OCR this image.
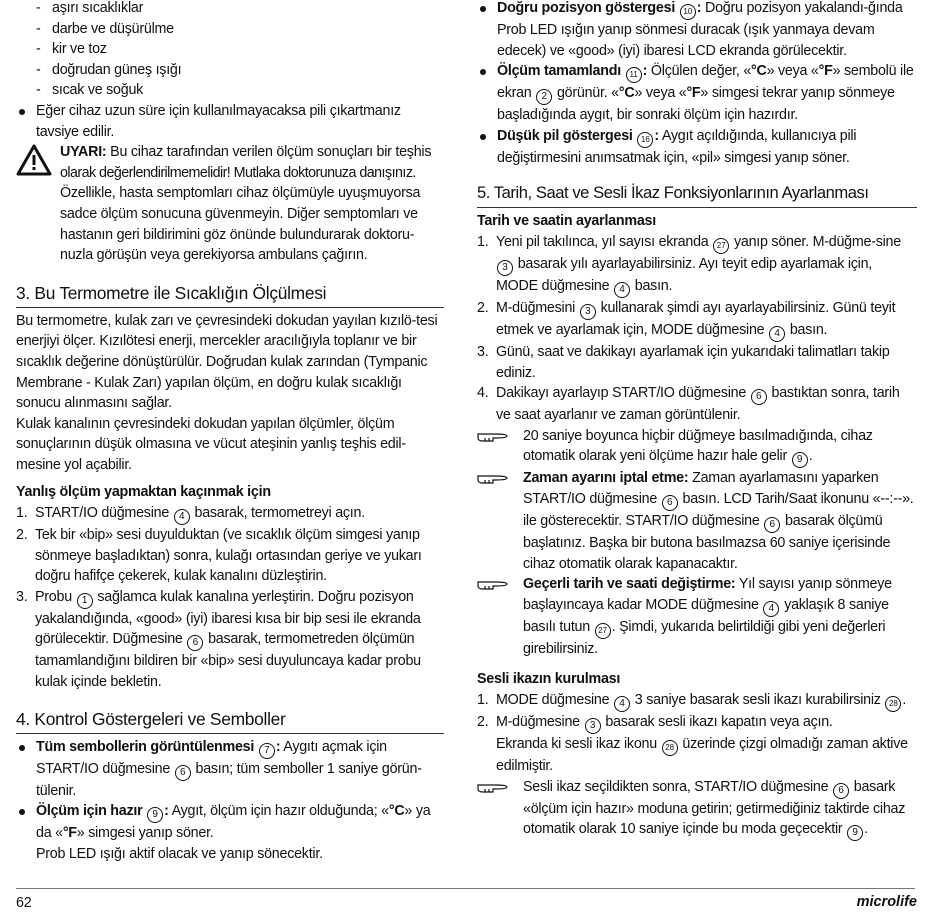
- aşırı sıcaklıklar

- darbe ve düşürülme

- kir ve toz

- doğrudan güneş ışığı

- sıcak ve soğuk

Eğer cihaz uzun süre için kullanılmayacaksa pili çıkartmanız tavsiye edilir.

UYARI: Bu cihaz tarafından verilen ölçüm sonuçları bir teşhis

olarak değerlendirilmemelidir! Mutlaka doktorunuza danışınız.

Özellikle, hasta semptomları cihaz ölçümüyle uyuşmuyorsa

sadce ölçüm sonucuna güvenmeyin. Diğer semptomları ve

hastanın geri bildirimini göz önünde bulundurarak doktoru-

nuzla görüşün veya gerekiyorsa ambulans çağırın.

3. Bu Termometre ile Sıcaklığın Ölçülmesi

Bu termometre, kulak zarı ve çevresindeki dokudan yayılan kızılö-tesi enerjiyi ölçer. Kızılötesi enerji, mercekler aracılığıyla toplanır ve bir sıcaklık değerine dönüştürülür. Doğrudan kulak zarından (Tympanic Membrane - Kulak Zarı) yapılan ölçüm, en doğru kulak sıcaklığı sonucu alınmasını sağlar.

Kulak kanalının çevresindeki dokudan yapılan ölçümler, ölçüm sonuçlarının düşük olmasına ve vücut ateşinin yanlış teşhis edil-mesine yol açabilir.

Yanlış ölçüm yapmaktan kaçınmak için

1. START/IO düğmesine 4 basarak, termometreyi açın.

2. Tek bir «bip» sesi duyulduktan (ve sıcaklık ölçüm simgesi yanıp sönmeye başladıktan) sonra, kulağı ortasından geriye ve yukarı doğru hafifçe çekerek, kulak kanalını düzleştirin.

3. Probu 1 sağlamca kulak kanalına yerleştirin. Doğru pozisyon yakalandığında, «good» (iyi) ibaresi kısa bir bip sesi ile ekranda görülecektir. Düğmesine 6 basarak, termometreden ölçümün tamamlandığını bildiren bir «bip» sesi duyuluncaya kadar probu kulak içinde bekletin.

4. Kontrol Göstergeleri ve Semboller

Tüm sembollerin görüntülenmesi 7 : Aygıtı açmak için START/IO düğmesine 6 basın; tüm semboller 1 saniye görün-tülenir.

Ölçüm için hazır 9 : Aygıt, ölçüm için hazır olduğunda; «°C» ya da «°F» simgesi yanıp söner.

Prob LED ışığı aktif olacak ve yanıp sönecektir.

Doğru pozisyon göstergesi 10 : Doğru pozisyon yakalandı-ğında Prob LED ışığın yanıp sönmesi duracak (ışık yanmaya devam edecek) ve «good» (iyi) ibaresi LCD ekranda görülecektir.

Ölçüm tamamlandı 11 : Ölçülen değer, «°C» veya «°F» sembolü ile ekran 2 görünür. «°C» veya «°F» simgesi tekrar yanıp sönmeye başladığında aygıt, bir sonraki ölçüm için hazırdır.

Düşük pil göstergesi 16 : Aygıt açıldığında, kullanıcıya pili değiştirmesini anımsatmak için, «pil» simgesi yanıp söner.

5. Tarih, Saat ve Sesli İkaz Fonksiyonlarının Ayarlanması
Tarih ve saatin ayarlanması

1. Yeni pil takılınca, yıl sayısı ekranda 27 yanıp söner. M-düğme-sine 3 basarak yılı ayarlayabilirsiniz. Ayı teyit edip ayarlamak için, MODE düğmesine 4 basın.

2. M-düğmesini 3 kullanarak şimdi ayı ayarlayabilirsiniz. Günü teyit etmek ve ayarlamak için, MODE düğmesine 4 basın.

3. Günü, saat ve dakikayı ayarlamak için yukarıdaki talimatları takip ediniz.

4. Dakikayı ayarlayıp START/IO düğmesine 6 bastıktan sonra, tarih ve saat ayarlanır ve zaman görüntülenir.

20 saniye boyunca hiçbir düğmeye basılmadığında, cihaz otomatik olarak yeni ölçüme hazır hale gelir 9 .

Zaman ayarını iptal etme: Zaman ayarlamasını yaparken START/IO düğmesine 6 basın. LCD Tarih/Saat ikonunu «--:--». ile gösterecektir. START/IO düğmesine 6 basarak ölçümü başlatınız. Başka bir butona basılmazsa 60 saniye içerisinde cihaz otomatik olarak kapanacaktır.

Geçerli tarih ve saati değiştirme: Yıl sayısı yanıp sönmeye başlayıncaya kadar MODE düğmesine 4 yaklaşık 8 saniye basılı tutun 27 . Şimdi, yukarıda belirtildiği gibi yeni değerleri girebilirsiniz.

Sesli ikazın kurulması

1. MODE düğmesine 4 3 saniye basarak sesli ikazı kurabilirsiniz 28 .

2. M-düğmesine 3 basarak sesli ikazı kapatın veya açın.
Ekranda ki sesli ikaz ikonu 28 üzerinde çizgi olmadığı zaman aktive edilmiştir.

Sesli ikaz seçildikten sonra, START/IO düğmesine 6 basark «ölçüm için hazır» moduna getirin; getirmediğiniz taktirde cihaz otomatik olarak 10 saniye içinde bu moda geçecektir 9 .

62	microlife
